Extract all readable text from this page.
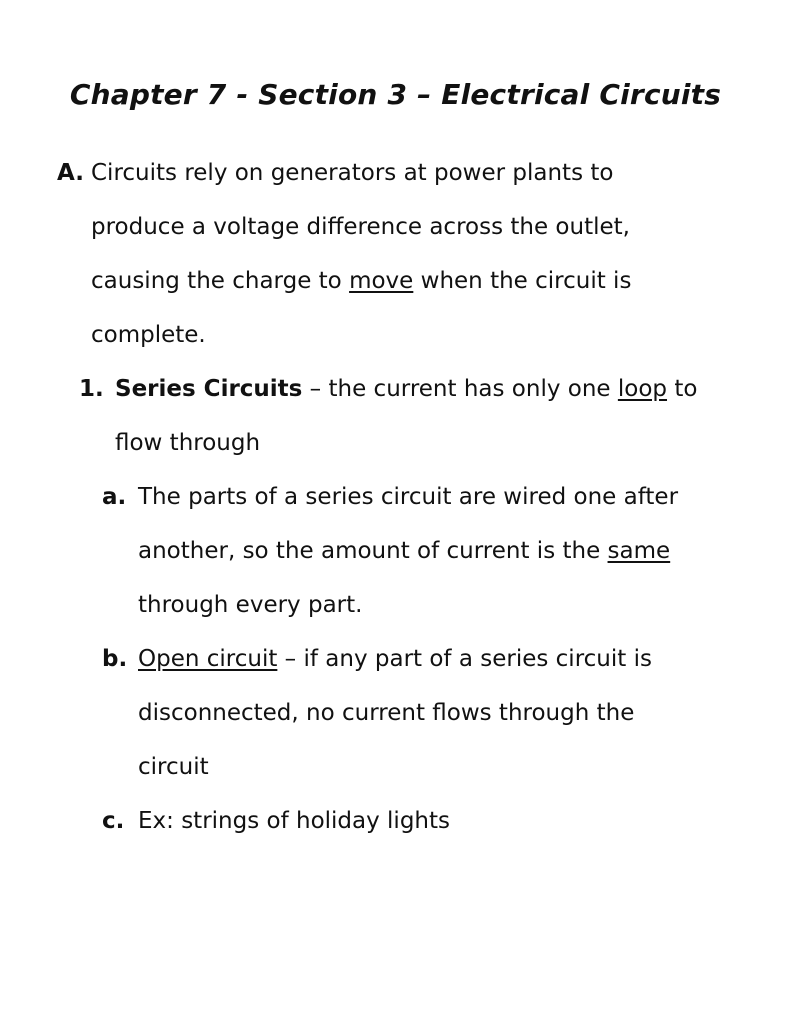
Chapter 7 - Section 3 – Electrical Circuits
A. Circuits rely on generators at power plants to
produce a voltage difference across the outlet,
causing the charge to move when the circuit is
complete.
1. Series Circuits – the current has only one loop to
flow through
a. The parts of a series circuit are wired one after
another, so the amount of current is the same
through every part.
b. Open circuit – if any part of a series circuit is
disconnected, no current flows through the
circuit
c. Ex: strings of holiday lights
